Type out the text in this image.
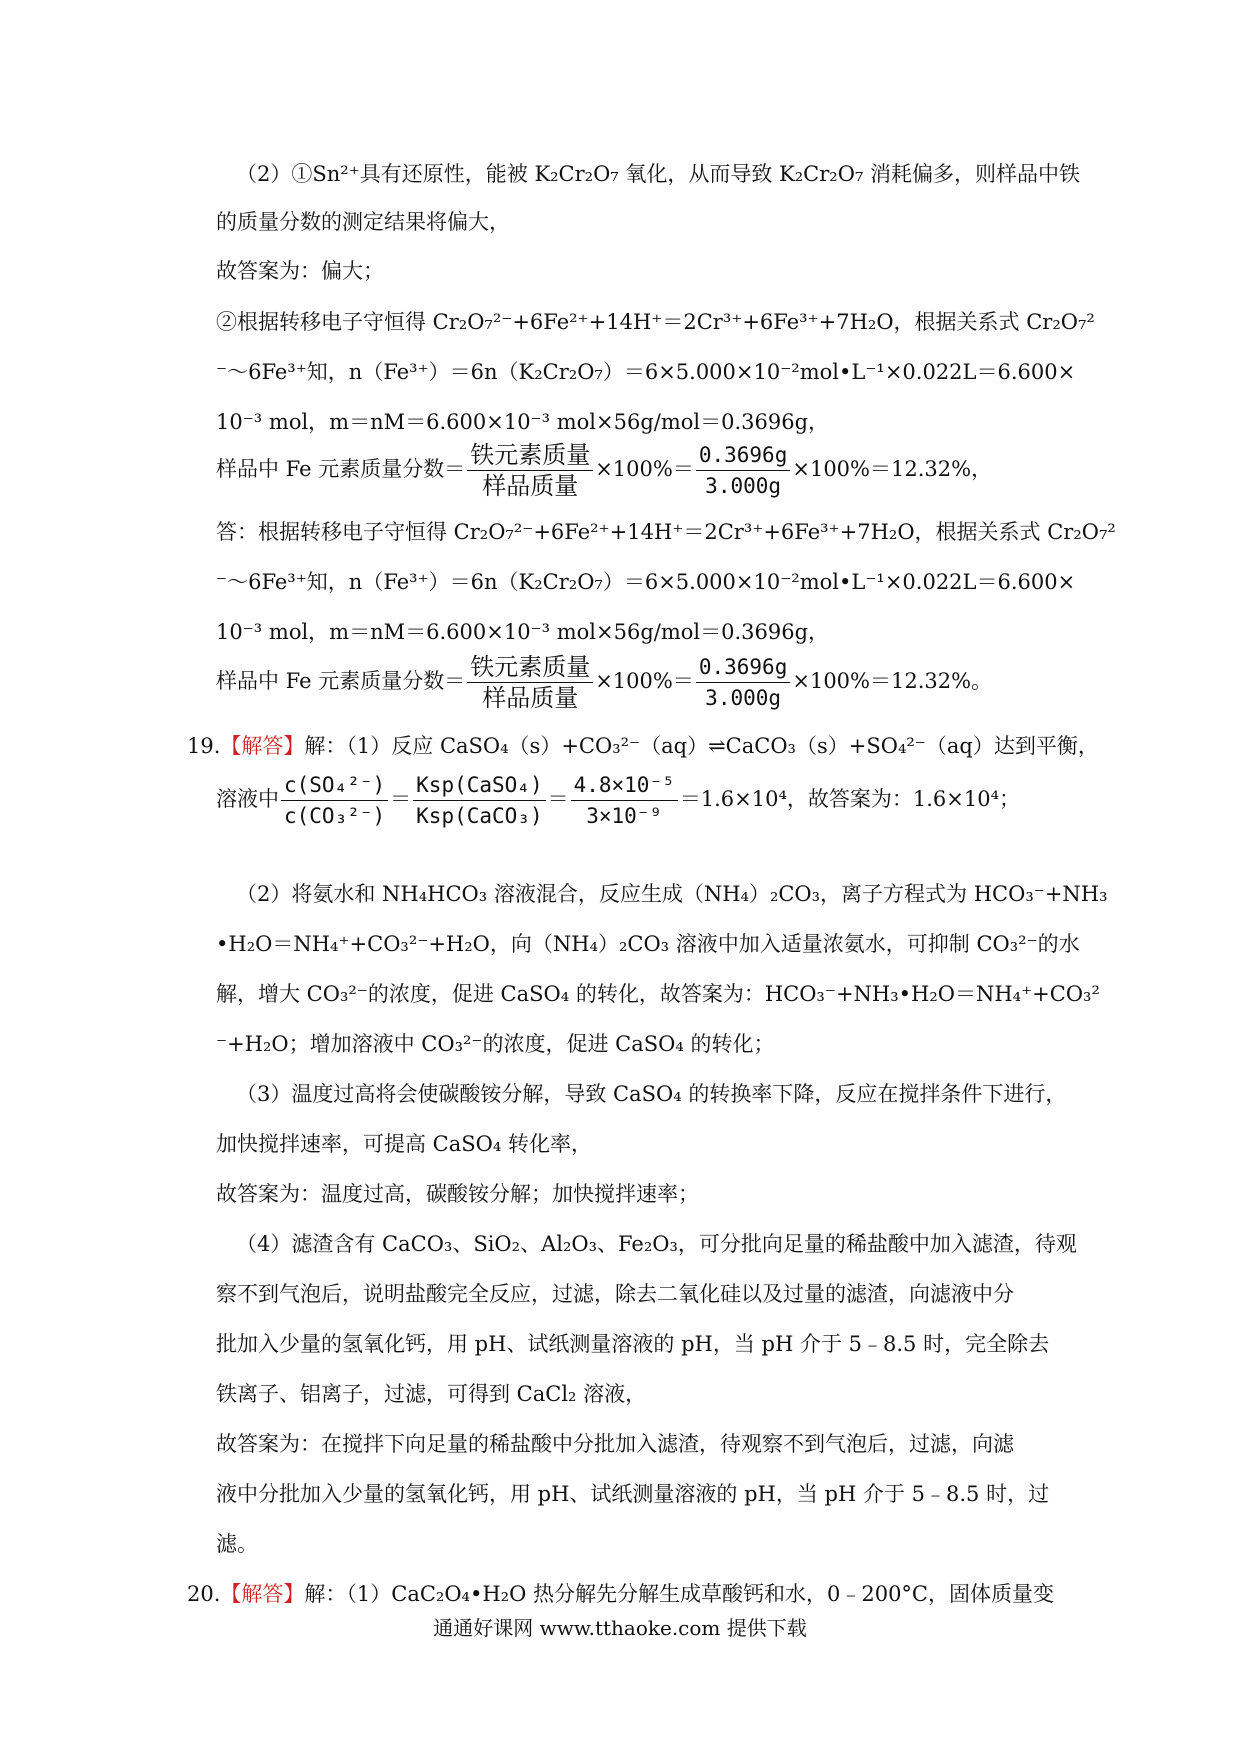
（2）①Sn²⁺具有还原性，能被 K₂Cr₂O₇ 氧化，从而导致 K₂Cr₂O₇ 消耗偏多，则样品中铁
的质量分数的测定结果将偏大，
故答案为：偏大；
②根据转移电子守恒得 Cr₂O₇²⁻+6Fe²⁺+14H⁺＝2Cr³⁺+6Fe³⁺+7H₂O，根据关系式 Cr₂O₇²
⁻～6Fe³⁺知，n（Fe³⁺）＝6n（K₂Cr₂O₇）＝6×5.000×10⁻²mol•L⁻¹×0.022L＝6.600×
10⁻³ mol，m＝nM＝6.600×10⁻³ mol×56g/mol＝0.3696g，
样品中 Fe 元素质量分数＝ $\frac{\text{铁元素质量}}{\text{样品质量}} \times 100\%= \frac{0.3696g}{3.000g} \times 100\%=12.32\%$，
答：根据转移电子守恒得 Cr₂O₇²⁻+6Fe²⁺+14H⁺＝2Cr³⁺+6Fe³⁺+7H₂O，根据关系式 Cr₂O₇²
⁻～6Fe³⁺知，n（Fe³⁺）＝6n（K₂Cr₂O₇）＝6×5.000×10⁻²mol•L⁻¹×0.022L＝6.600×
10⁻³ mol，m＝nM＝6.600×10⁻³ mol×56g/mol＝0.3696g，
样品中 Fe 元素质量分数＝ $\frac{\text{铁元素质量}}{\text{样品质量}} \times 100\%= \frac{0.3696g}{3.000g} \times 100\%=12.32\%$。
19.【解答】解：（1）反应 CaSO₄（s）+CO₃²⁻（aq）⇌CaCO₃（s）+SO₄²⁻（aq）达到平衡，
溶液中 $\frac{\text{c(SO₄²⁻)}}{\text{c(CO₃²⁻)}} = \frac{\text{Ksp(CaSO₄)}}{\text{Ksp(CaCO₃)}} = \frac{\text{4.8×10⁻⁵}}{\text{3×10⁻⁹}} =1.6\times 10^4$，故答案为：1.6×10⁴；
（2）将氨水和 NH₄HCO₃ 溶液混合，反应生成（NH₄）₂CO₃，离子方程式为 HCO₃⁻+NH₃
•H₂O＝NH₄⁺+CO₃²⁻+H₂O，向（NH₄）₂CO₃ 溶液中加入适量浓氨水，可抑制 CO₃²⁻的水
解，增大 CO₃²⁻的浓度，促进 CaSO₄ 的转化，故答案为：HCO₃⁻+NH₃•H₂O＝NH₄⁺+CO₃²
⁻+H₂O；增加溶液中 CO₃²⁻的浓度，促进 CaSO₄ 的转化；
（3）温度过高将会使碳酸铵分解，导致 CaSO₄ 的转换率下降，反应在搅拌条件下进行，
加快搅拌速率，可提高 CaSO₄ 转化率，
故答案为：温度过高，碳酸铵分解；加快搅拌速率；
（4）滤渣含有 CaCO₃、SiO₂、Al₂O₃、Fe₂O₃，可分批向足量的稀盐酸中加入滤渣，待观
察不到气泡后，说明盐酸完全反应，过滤，除去二氧化硅以及过量的滤渣，向滤液中分
批加入少量的氢氧化钙，用 pH、试纸测量溶液的 pH，当 pH 介于 5﹣8.5 时，完全除去
铁离子、铝离子，过滤，可得到 CaCl₂ 溶液，
故答案为：在搅拌下向足量的稀盐酸中分批加入滤渣，待观察不到气泡后，过滤，向滤
液中分批加入少量的氢氧化钙，用 pH、试纸测量溶液的 pH，当 pH 介于 5﹣8.5 时，过
滤。
20.【解答】解：（1）CaC₂O₄•H₂O 热分解先分解生成草酸钙和水，0﹣200°C，固体质量变
通通好课网 www.tthaoke.com 提供下载
